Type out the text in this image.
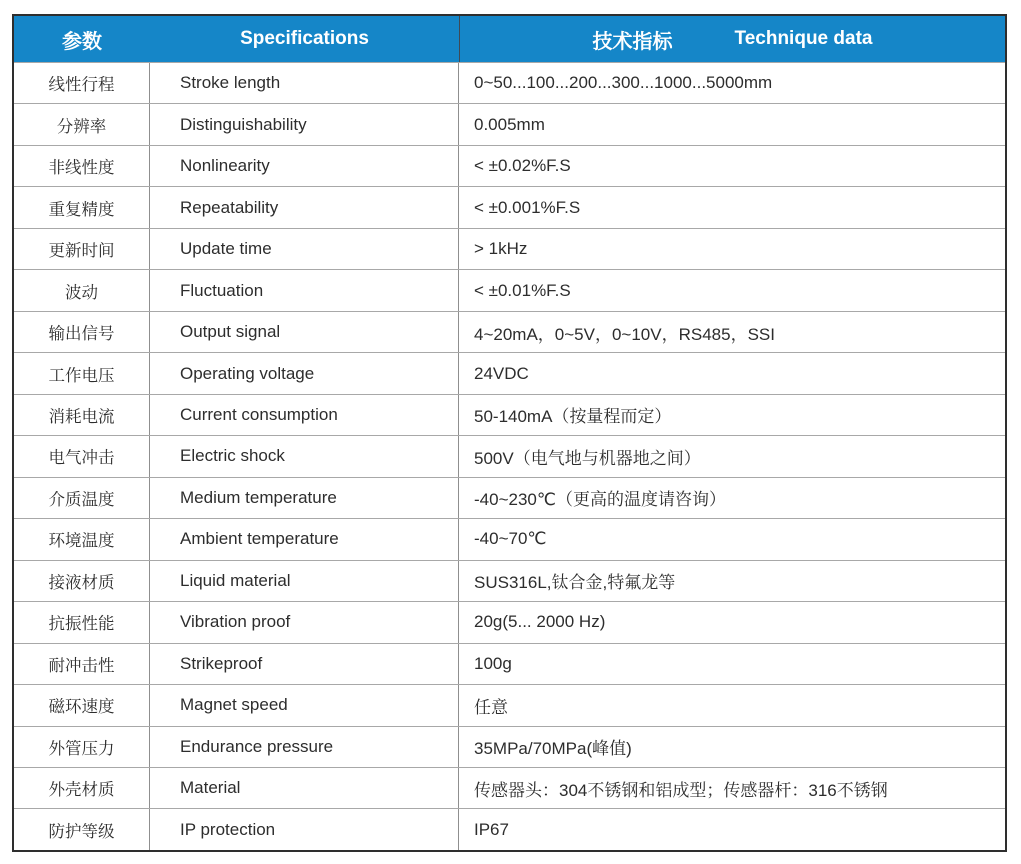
参数	Specifications	技术指标	Technique data
线性行程	Stroke length	0~50...100...200...300...1000...5000mm
分辨率	Distinguishability	0.005mm
非线性度	Nonlinearity	< ±0.02%F.S
重复精度	Repeatability	< ±0.001%F.S
更新时间	Update time	> 1kHz
波动	Fluctuation	< ±0.01%F.S
输出信号	Output signal	4~20mA，0~5V，0~10V，RS485，SSI
工作电压	Operating voltage	24VDC
消耗电流	Current consumption	50-140mA（按量程而定）
电气冲击	Electric shock	500V（电气地与机器地之间）
介质温度	Medium temperature	-40~230℃（更高的温度请咨询）
环境温度	Ambient temperature	-40~70℃
接液材质	Liquid material	SUS316L,钛合金,特氟龙等
抗振性能	Vibration proof	20g(5... 2000 Hz)
耐冲击性	Strikeproof	100g
磁环速度	Magnet speed	任意
外管压力	Endurance pressure	35MPa/70MPa(峰值)
外壳材质	Material	传感器头：304不锈钢和铝成型；传感器杆：316不锈钢
防护等级	IP protection	IP67
